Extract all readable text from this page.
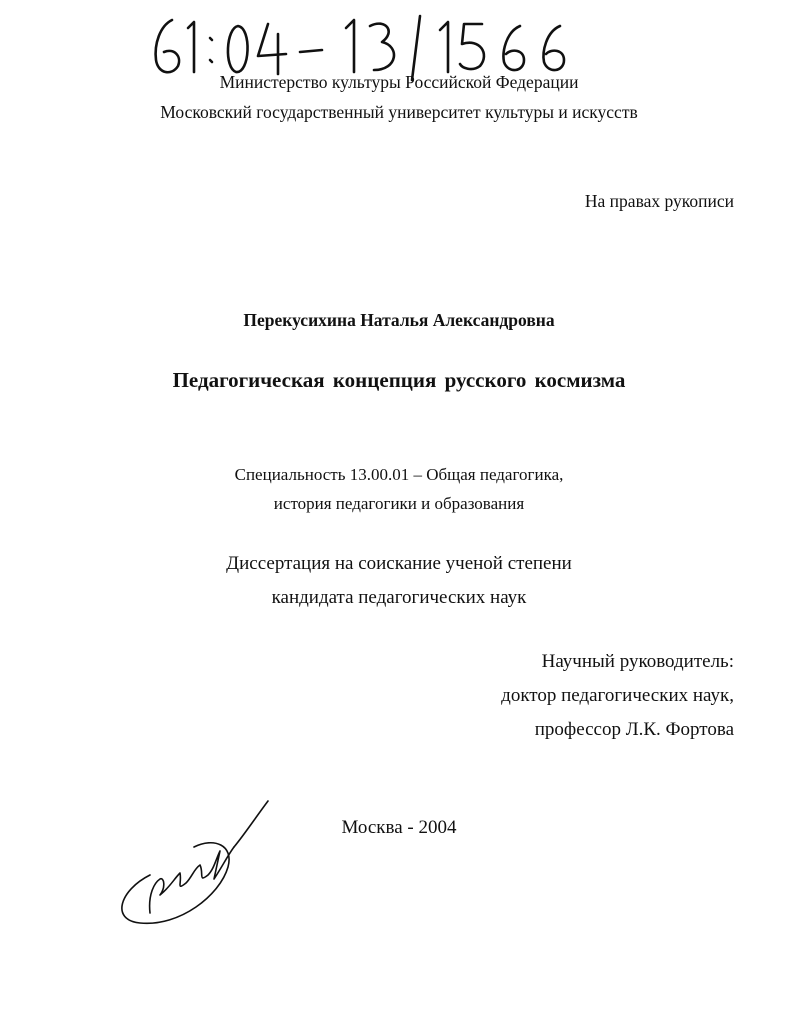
61:04-13/1566
Министерство культуры Российской Федерации
Московский государственный университет культуры и искусств
На правах рукописи
Перекусихина Наталья Александровна
Педагогическая концепция русского космизма
Специальность 13.00.01 – Общая педагогика,
история педагогики и образования
Диссертация на соискание ученой степени
кандидата педагогических наук
Научный руководитель:
доктор педагогических наук,
профессор Л.К. Фортова
Москва - 2004
